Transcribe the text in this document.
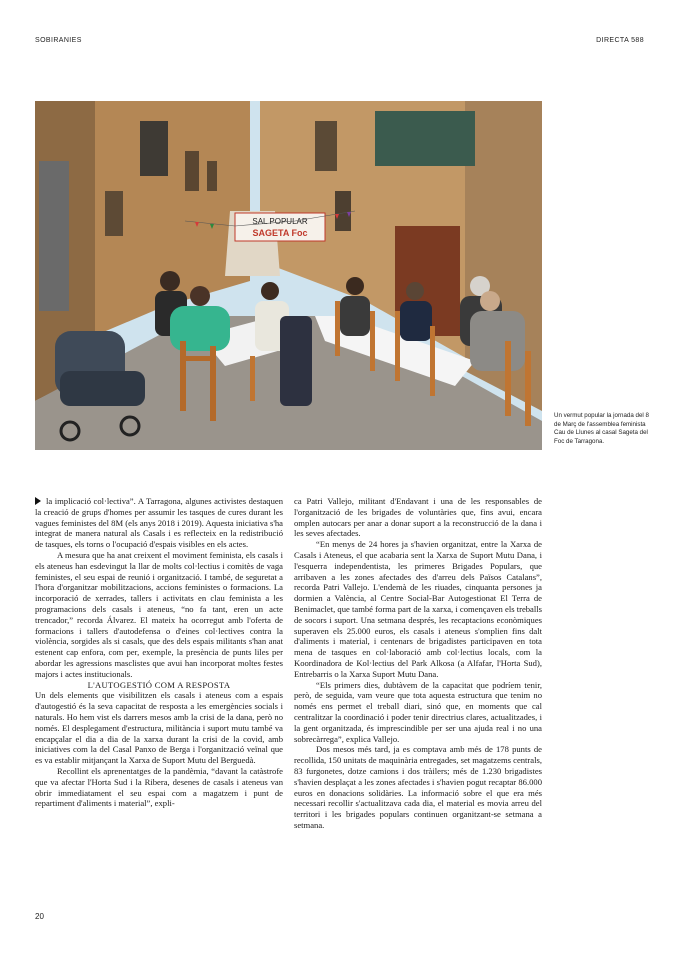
SOBIRANIES	DIRECTA 588
SAL POPULAR
SAGETA Foc
Un vermut popular la jornada del 8 de Març de l'assemblea feminista Cau de Llunes al casal Sageta del Foc de Tarragona.

la implicació col·lectiva”. A Tarragona, algunes activistes destaquen la creació de grups d'homes per assumir les tasques de cures durant les vagues feministes del 8M (els anys 2018 i 2019). Aquesta iniciativa s'ha integrat de manera natural als Casals i es reflecteix en la redistribució de tasques, els torns o l'ocupació d'espais visibles en els actes.

A mesura que ha anat creixent el moviment feminista, els casals i els ateneus han esdevingut la llar de molts col·lectius i comitès de vaga feministes, el seu espai de reunió i organització. I també, de seguretat a l'hora d'organitzar mobilitzacions, accions feministes o formacions. La incorporació de xerrades, tallers i activitats en clau feminista a les programacions dels casals i ateneus, “no fa tant, eren un acte trencador,” recorda Álvarez. El mateix ha ocorregut amb l'oferta de formacions i tallers d'autodefensa o d'eines col·lectives contra la violència, sorgides als si casals, que des dels espais militants s'han anat estenent cap enfora, com per, exemple, la presència de punts liles per abordar les agressions masclistes que avui han incorporat moltes festes majors i actes institucionals.

L'AUTOGESTIÓ COM A RESPOSTA

Un dels elements que visibilitzen els casals i ateneus com a espais d'autogestió és la seva capacitat de resposta a les emergències socials i naturals. Ho hem vist els darrers mesos amb la crisi de la dana, però no només. El desplegament d'estructura, militància i suport mutu també va encapçalar el dia a dia de la xarxa durant la crisi de la covid, amb iniciatives com la del Casal Panxo de Berga i l'organització veïnal que es va establir mitjançant la Xarxa de Suport Mutu del Berguedà.

Recollint els aprenentatges de la pandèmia, “davant la catàstrofe que va afectar l'Horta Sud i la Ribera, desenes de casals i ateneus van obrir immediatament el seu espai com a magatzem i punt de repartiment d'aliments i material”, expli-

ca Patri Vallejo, militant d'Endavant i una de les responsables de l'organització de les brigades de voluntàries que, fins avui, encara omplen autocars per anar a donar suport a la reconstrucció de la dana i les seves afectades.

“En menys de 24 hores ja s'havien organitzat, entre la Xarxa de Casals i Ateneus, el que acabaria sent la Xarxa de Suport Mutu Dana, i l'esquerra independentista, les primeres Brigades Populars, que arribaven a les zones afectades des d'arreu dels Països Catalans”, recorda Patri Vallejo. L'endemà de les riuades, cinquanta persones ja dormien a València, al Centre Social-Bar Autogestionat El Terra de Benimaclet, que també forma part de la xarxa, i començaven els treballs de socors i suport. Una setmana després, les recaptacions econòmiques superaven els 25.000 euros, els casals i ateneus s'omplien fins dalt d'aliments i material, i centenars de brigadistes participaven en tota mena de tasques en col·laboració amb col·lectius locals, com la Koordinadora de Kol·lectius del Park Alkosa (a Alfafar, l'Horta Sud), Entrebarris o la Xarxa Suport Mutu Dana.

“Els primers dies, dubtàvem de la capacitat que podríem tenir, però, de seguida, vam veure que tota aquesta estructura que tenim no només ens permet el treball diari, sinó que, en moments que cal centralitzar la coordinació i poder tenir directrius clares, actualitzades, i la gent organitzada, és imprescindible per ser una ajuda real i no una sobrecàrrega”, explica Vallejo.

Dos mesos més tard, ja es comptava amb més de 178 punts de recollida, 150 unitats de maquinària entregades, set magatzems centrals, 83 furgonetes, dotze camions i dos tràilers; més de 1.230 brigadistes s'havien desplaçat a les zones afectades i s'havien pogut recaptar 86.000 euros en donacions solidàries. La informació sobre el que era més necessari recollir s'actualitzava cada dia, el material es movia arreu del territori i les brigades populars continuen organitzant-se setmana a setmana.

20
